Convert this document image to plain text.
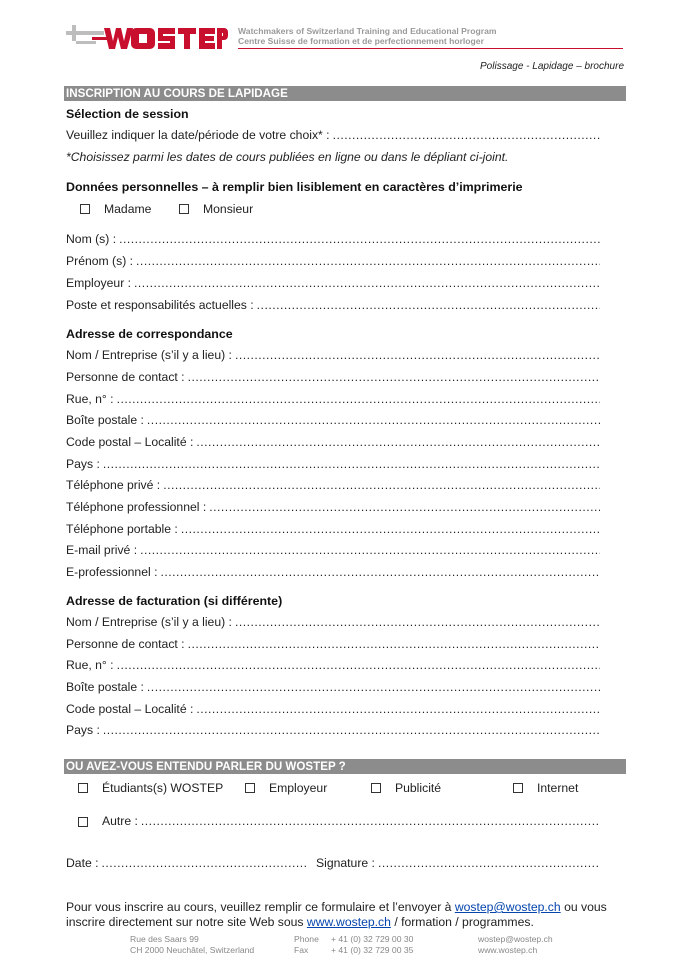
Watchmakers of Switzerland Training and Educational Program
Centre Suisse de formation et de perfectionnement horloger
Polissage - Lapidage – brochure
INSCRIPTION AU COURS DE LAPIDAGE
Sélection de session
Veuillez indiquer la date/période de votre choix* :
.....
*Choisissez parmi les dates de cours publiées en ligne ou dans le dépliant ci-joint.
Données personnelles – à remplir bien lisiblement en caractères d’imprimerie
Madame	Monsieur
Nom (s) :
.....
Prénom (s) :
.....
Employeur :
.....
Poste et responsabilités actuelles :
.....
Adresse de correspondance
Nom / Entreprise (s’il y a lieu) :
.....
Personne de contact :
.....
Rue, n° :
.....
Boîte postale :
.....
Code postal – Localité :
.....
Pays :
.....
Téléphone privé :
.....
Téléphone professionnel :
.....
Téléphone portable :
.....
E-mail privé :
.....
E-professionnel :
.....
Adresse de facturation (si différente)
Nom / Entreprise (s’il y a lieu) :
.....
Personne de contact :
.....
Rue, n° :
.....
Boîte postale :
.....
Code postal – Localité :
.....
Pays :
.....
OU AVEZ-VOUS ENTENDU PARLER DU WOSTEP ?
Étudiants(s) WOSTEP	Employeur	Publicité	Internet
Autre :
.....
Date :
.....	Signature :
.....
Pour vous inscrire au cours, veuillez remplir ce formulaire et l’envoyer à wostep@wostep.ch ou vous inscrire directement sur notre site Web sous www.wostep.ch / formation / programmes.
Rue des Saars 99
CH 2000 Neuchâtel, Switzerland
Phone
Fax
+ 41 (0) 32 729 00 30
+ 41 (0) 32 729 00 35
wostep@wostep.ch
www.wostep.ch
